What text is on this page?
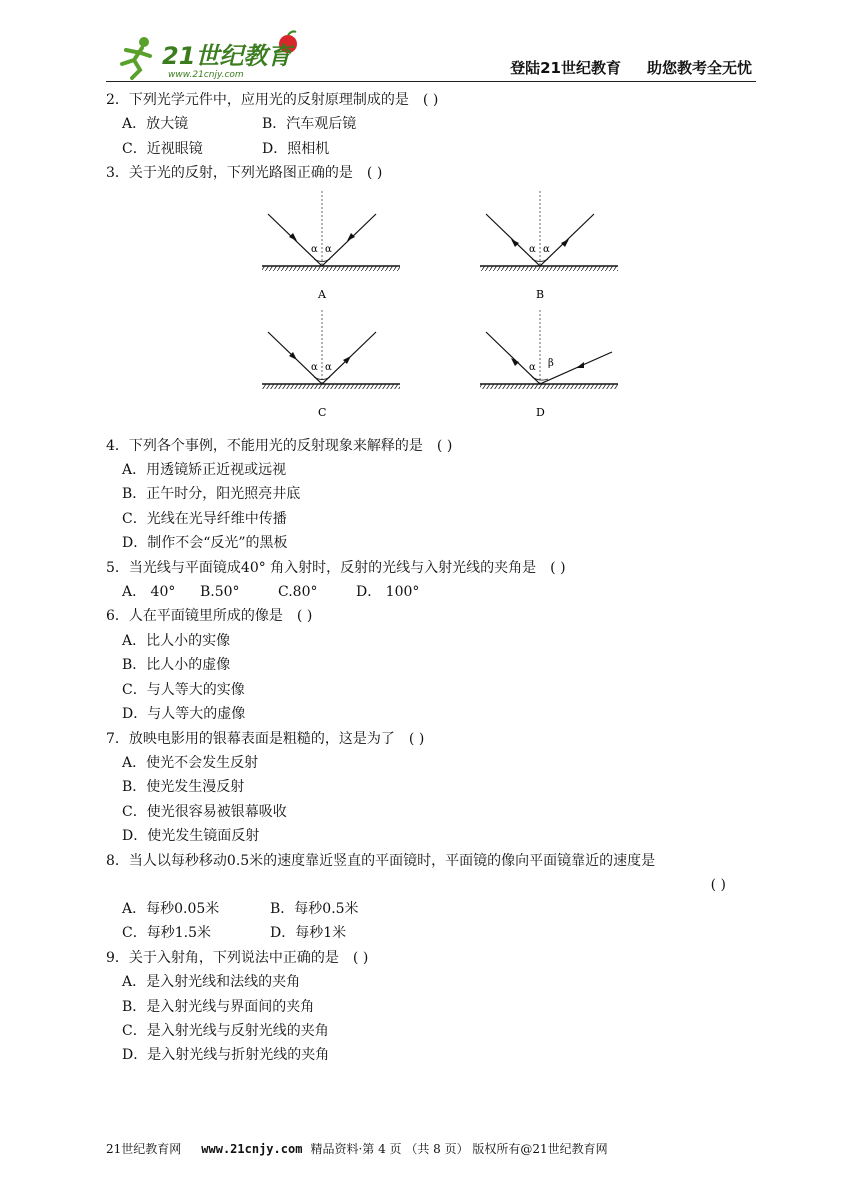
21世纪教育
www.21cnjy.com	登陆21世纪教育 助您教考全无忧
2．下列光学元件中，应用光的反射原理制成的是 ( )
A．放大镜	B．汽车观后镜
C．近视眼镜	D．照相机
3．关于光的反射，下列光路图正确的是 ( )
α α
A
α α
B
α α
C
α β
D
4．下列各个事例，不能用光的反射现象来解释的是 ( )
A．用透镜矫正近视或远视
B．正午时分，阳光照亮井底
C．光线在光导纤维中传播
D．制作不会“反光”的黑板
5．当光线与平面镜成40° 角入射时，反射的光线与入射光线的夹角是 ( )
A． 40° B.50°	C.80°	D． 100°
6．人在平面镜里所成的像是 ( )
A．比人小的实像
B．比人小的虚像
C．与人等大的实像
D．与人等大的虚像
7．放映电影用的银幕表面是粗糙的，这是为了 ( )
A．使光不会发生反射
B．使光发生漫反射
C．使光很容易被银幕吸收
D．使光发生镜面反射
8．当人以每秒移动0.5米的速度靠近竖直的平面镜时，平面镜的像向平面镜靠近的速度是
( )
A．每秒0.05米	B．每秒0.5米
C．每秒1.5米	D．每秒1米
9．关于入射角，下列说法中正确的是 ( )
A．是入射光线和法线的夹角
B．是入射光线与界面间的夹角
C．是入射光线与反射光线的夹角
D．是入射光线与折射光线的夹角
21世纪教育网 www.21cnjy.com 精品资料·第 4 页 （共 8 页） 版权所有@21世纪教育网
